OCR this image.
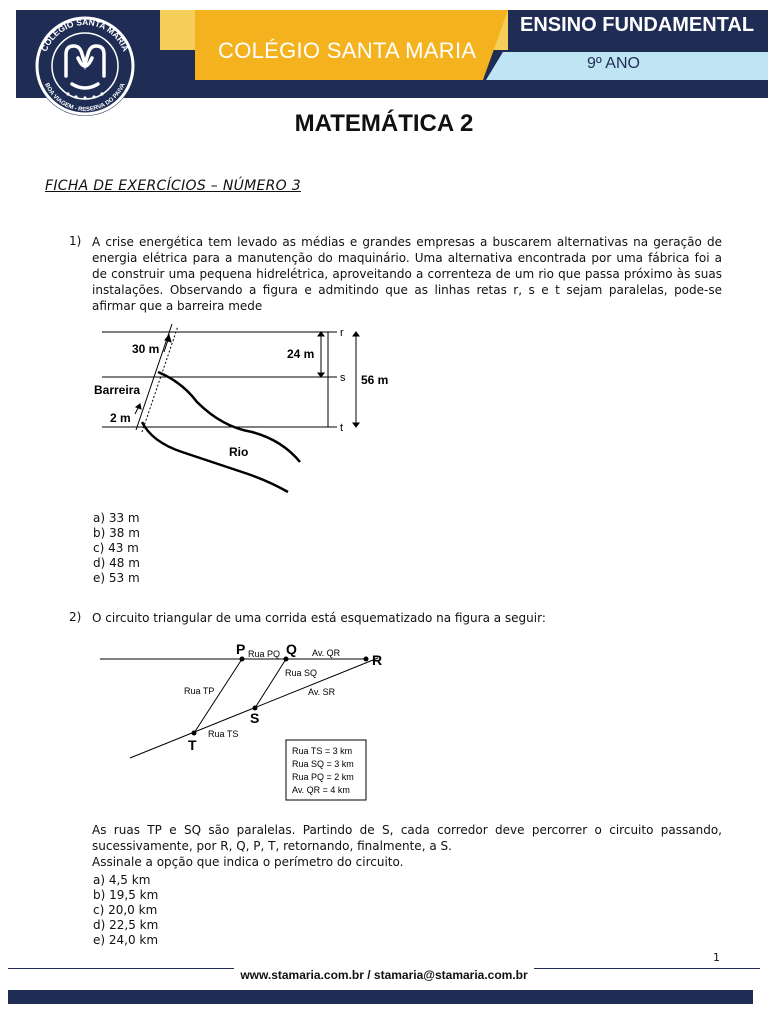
COLÉGIO SANTA MARIA
ENSINO FUNDAMENTAL
9º ANO
COLÉGIO SANTA MARIA
BOA VIAGEM - RESERVA DO PAIVA
MATEMÁTICA 2
FICHA DE EXERCÍCIOS – NÚMERO 3
1) A crise energética tem levado as médias e grandes empresas a buscarem alternativas na geração de energia elétrica para a manutenção do maquinário. Uma alternativa encontrada por uma fábrica foi a de construir uma pequena hidrelétrica, aproveitando a correnteza de um rio que passa próximo às suas instalações. Observando a figura e admitindo que as linhas retas r, s e t sejam paralelas, pode-se afirmar que a barreira mede
30 m	24 m
56 m
Barreira
2 m
Rio
r
s
t
a) 33 m
b) 38 m
c) 43 m
d) 48 m
e) 53 m
2) O circuito triangular de uma corrida está esquematizado na figura a seguir:
P	Q
R
S
T
Rua PQ	Av. QR
Rua SQ
Av. SR
Rua TP
Rua TS
Rua TS = 3 km
Rua SQ = 3 km
Rua PQ = 2 km
Av. QR = 4 km
As ruas TP e SQ são paralelas. Partindo de S, cada corredor deve percorrer o circuito passando, sucessivamente, por R, Q, P, T, retornando, finalmente, a S.
Assinale a opção que indica o perímetro do circuito.
a) 4,5 km
b) 19,5 km
c) 20,0 km
d) 22,5 km
e) 24,0 km
1
www.stamaria.com.br / stamaria@stamaria.com.br
